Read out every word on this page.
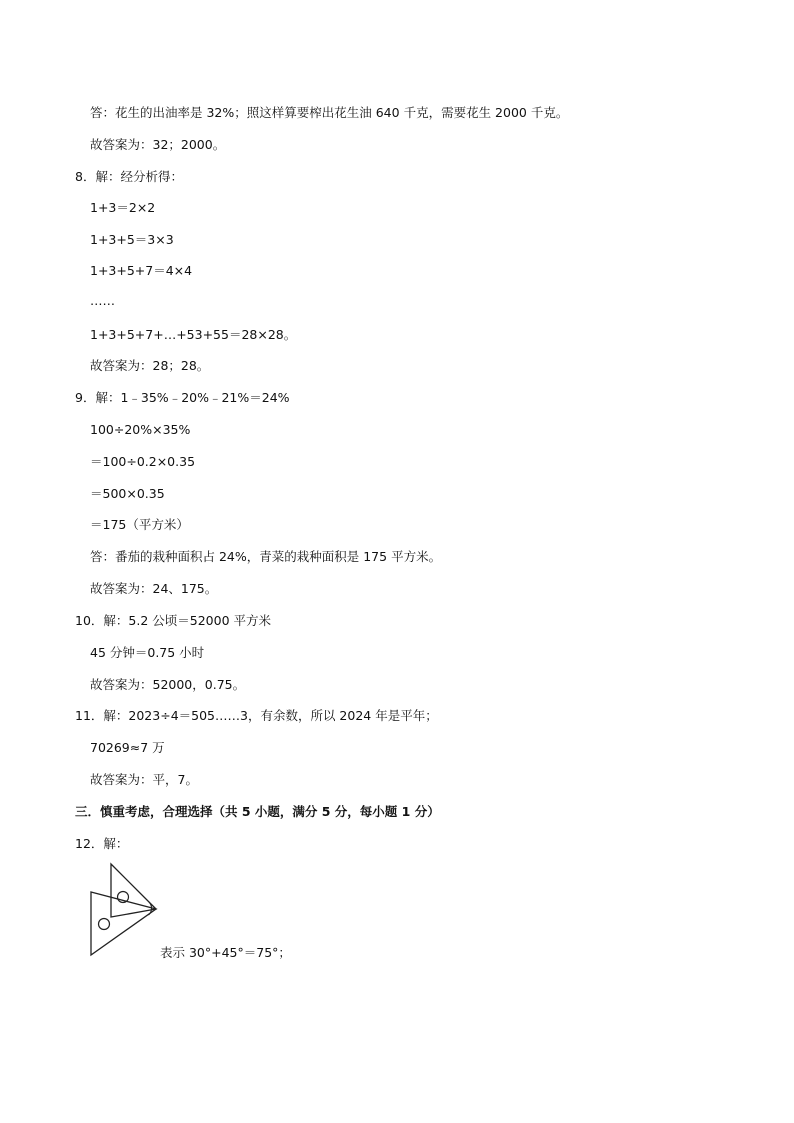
答：花生的出油率是 32%；照这样算要榨出花生油 640 千克，需要花生 2000 千克。
故答案为：32；2000。
8．解：经分析得：
1+3＝2×2
1+3+5＝3×3
1+3+5+7＝4×4
……
1+3+5+7+…+53+55＝28×28。
故答案为：28；28。
9．解：1﹣35%﹣20%﹣21%＝24%
100÷20%×35%
＝100÷0.2×0.35
＝500×0.35
＝175（平方米）
答：番茄的栽种面积占 24%，青菜的栽种面积是 175 平方米。
故答案为：24、175。
10．解：5.2 公顷＝52000 平方米
45 分钟＝0.75 小时
故答案为：52000，0.75。
11．解：2023÷4＝505……3，有余数，所以 2024 年是平年；
70269≈7 万
故答案为：平，7。
三．慎重考虑，合理选择（共 5 小题，满分 5 分，每小题 1 分）
12．解：
表示 30°+45°＝75°；
